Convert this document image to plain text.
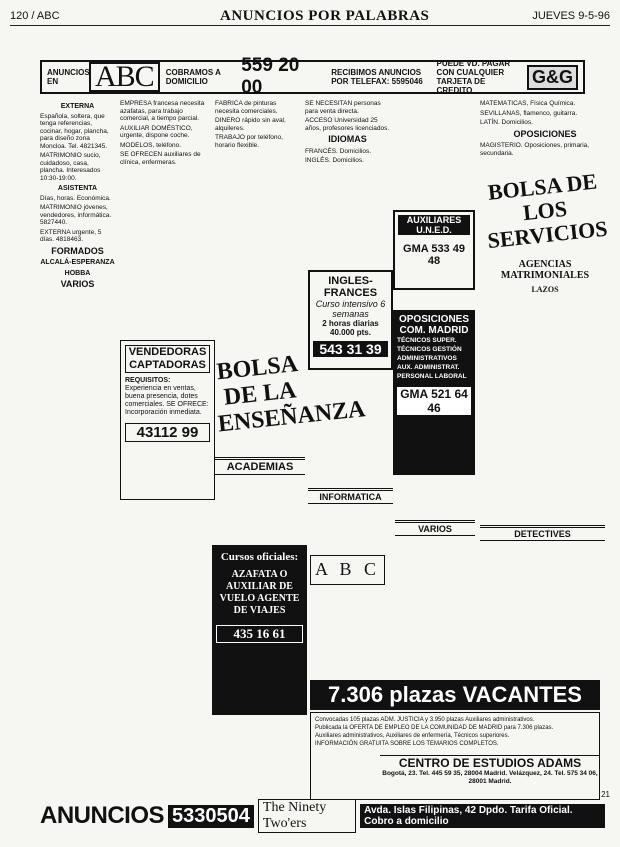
120 / ABC	ANUNCIOS POR PALABRAS	JUEVES 9-5-96
ANUNCIOS EN	ABC	COBRAMOS A DOMICILIO
559 20 00
RECIBIMOS ANUNCIOS POR TELEFAX: 5595046
PUEDE VD. PAGAR CON CUALQUIER TARJETA DE CREDITO
G&G
EXTERNA

Española, soltera, que tenga referencias, cocinar, hogar, plancha, para diseño zona Moncloa. Tel. 4821345.

MATRIMONIO sucio, cuidadoso, casa, plancha. Interesados 10:30-19:00.

ASISTENTA

Días, horas. Económica.

MATRIMONIO jóvenes, vendedores, informática. 5827440.

EXTERNA urgente, 5 días. 4818463.

FORMADOS
ALCALÁ-ESPERANZA
HOBBA
VARIOS

EMPRESA francesa necesita azafatas, para trabajo comercial, a tiempo parcial.

AUXILIAR DOMÉSTICO, urgente, dispone coche.

MODELOS, teléfono.

SE OFRECEN auxiliares de clínica, enfermeras.

VENDEDORAS CAPTADORAS
REQUISITOS:
Experiencia en ventas, buena presencia, dotes comerciales. SE OFRECE: Incorporación inmediata.
43112 99

FABRICA de pinturas necesita comerciales.

DINERO rápido sin aval, alquileres.

TRABAJO por teléfono, horario flexible.

BOLSA DE LA ENSEÑANZA
ACADEMIAS

SE NECESITAN personas para venta directa.

ACCESO Universidad 25 años, profesores licenciados.

IDIOMAS

FRANCÉS. Domicilios.

INGLÉS. Domicilios.

INGLES-FRANCES
Curso intensivo 6 semanas
2 horas diarias 40.000 pts.
543 31 39
AUXILIARES U.N.E.D.
GMA 533 49 48
OPOSICIONES COM. MADRID
TÉCNICOS SUPER.
TÉCNICOS GESTIÓN
ADMINISTRATIVOS
AUX. ADMINISTRAT.
PERSONAL LABORAL
GMA 521 64 46

MATEMÁTICAS, Física Química.

SEVILLANAS, flamenco, guitarra.

LATÍN. Domicilios.

OPOSICIONES

MAGISTERIO. Oposiciones, primaria, secundaria.

BOLSA DE LOS SERVICIOS
AGENCIAS MATRIMONIALES
LAZOS
DETECTIVES
INFORMATICA
VARIOS
A B C
Cursos oficiales:
AZAFATA O AUXILIAR DE VUELO AGENTE DE VIAJES
435 16 61
7.306 plazas VACANTES

Convocadas 105 plazas ADM. JUSTICIA y 3.950 plazas Auxiliares administrativos.

Publicada la OFERTA DE EMPLEO DE LA COMUNIDAD DE MADRID para 7.306 plazas.

Auxiliares administrativos, Auxiliares de enfermería, Técnicos superiores.

INFORMACIÓN GRATUITA SOBRE LOS TEMARIOS COMPLETOS.

CENTRO DE ESTUDIOS ADAMS
Bogotá, 23. Tel. 445 59 35, 28004 Madrid. Velázquez, 24. Tel. 575 34 06, 28001 Madrid.
ANUNCIOS 5330504 The Ninety Two'ers
Avda. Islas Filipinas, 42 Dpdo. Tarifa Oficial. Cobro a domicilio
21
